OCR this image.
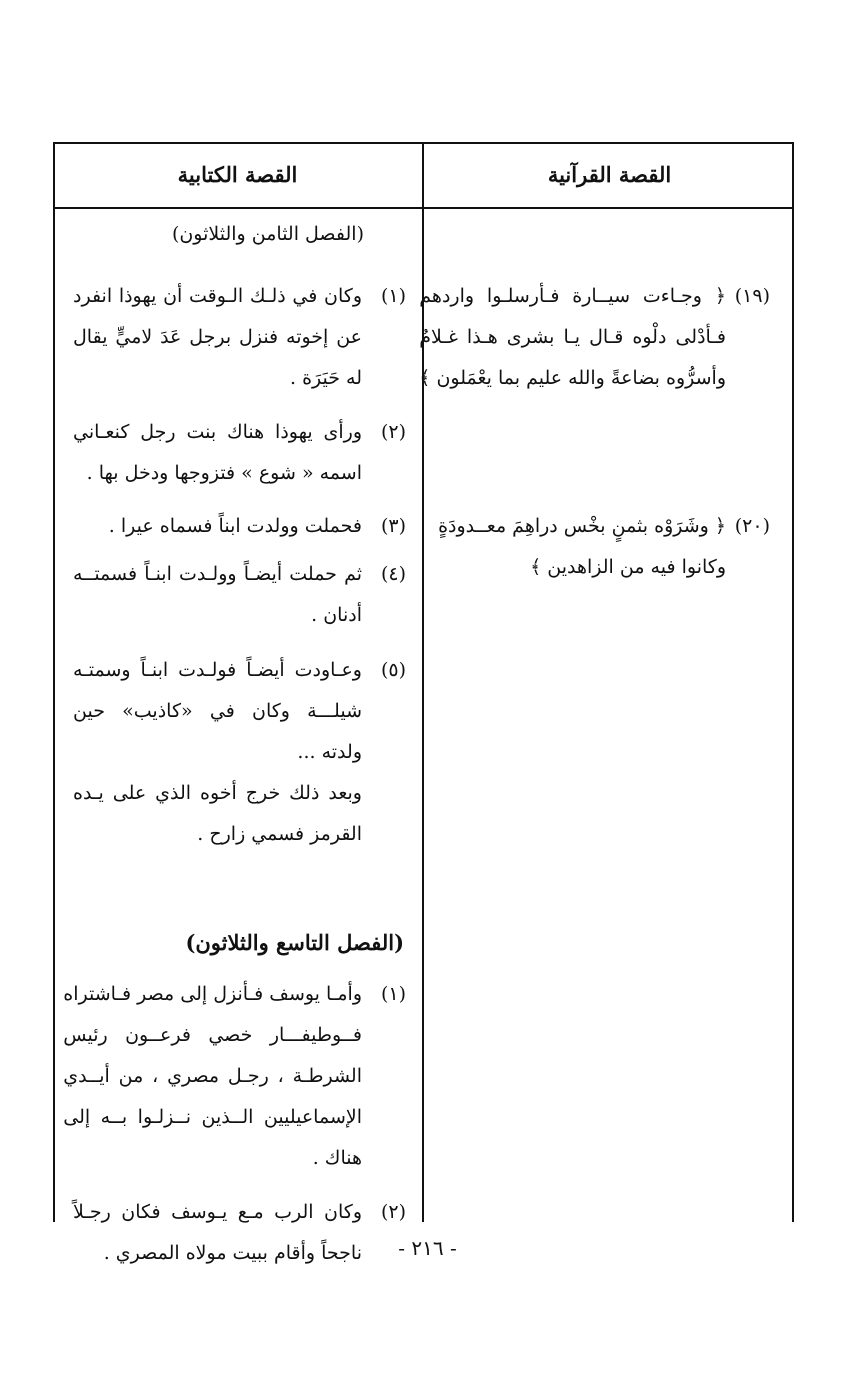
القصة القرآنية
القصة الكتابية
(١٩)
﴿ وجـاءت سيــارة فـأرسلـوا واردهم
فـأدْلى دلْوه قـال يـا بشرى هـذا غـلامٌ
وأسرُّوه بضاعةً والله عليم بما يعْمَلون ﴾
(٢٠)
﴿ وشَرَوْه بثمنٍ بخْس دراهِمَ معــدودَةٍ
وكانوا فيه من الزاهدين ﴾
(الفصل الثامن والثلاثون)
(١)
وكان في ذلـك الـوقت أن يهوذا انفرد
عن إخوته فنزل برجل عَدَ لاميٍّ يقال
له حَيَرَة .
(٢)
ورأى يهوذا هناك بنت رجل كنعـاني
اسمه « شوع » فتزوجها ودخل بها .
(٣)
فحملت وولدت ابناً فسماه عيرا .
(٤)
ثم حملت أيضـاً وولـدت ابنـاً فسمتــه
أدنان .
(٥)
وعـاودت أيضـاً فولـدت ابنـاً وسمتـه
شيلـــة وكان في «كاذيب» حين
ولدته ...
وبعد ذلك خرج أخوه الذي على يـده
القرمز فسمي زارح .
(الفصل التاسع والثلاثون)
(١)
وأمـا يوسف فـأنزل إلى مصر فـاشتراه
فــوطيفـــار خصي فرعــون رئيس
الشرطـة ، رجـل مصري ، من أيــدي
الإسماعيليين الــذين نــزلـوا بــه إلى
هناك .
(٢)
وكان الرب مـع يـوسف فكان رجـلاً
ناجحاً وأقام ببيت مولاه المصري .	- ٢١٦ -
